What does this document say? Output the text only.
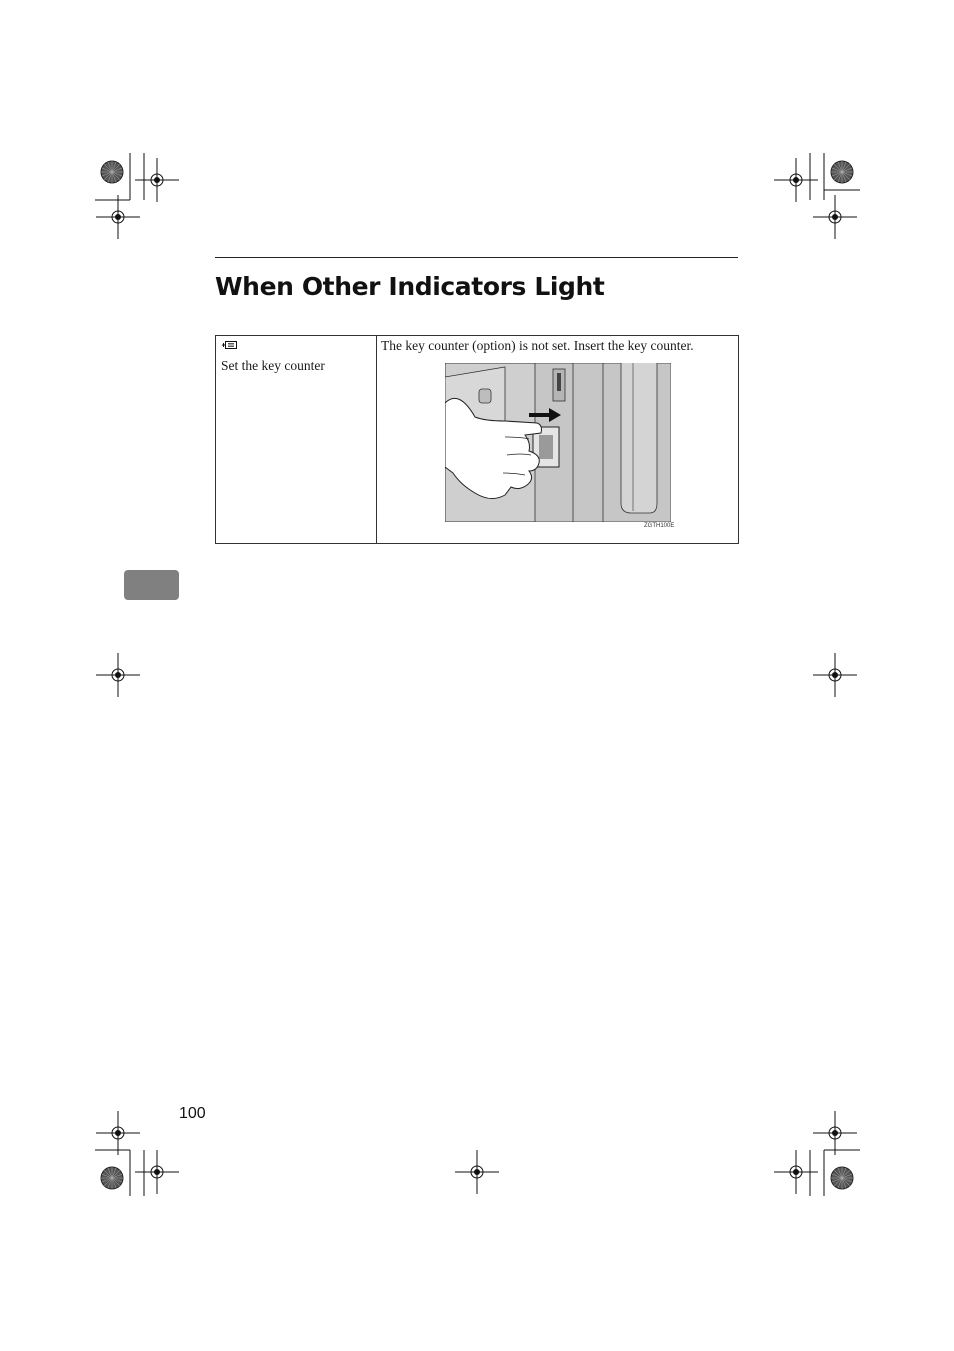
When Other Indicators Light
Set the key counter
The key counter (option) is not set. Insert the key counter.
ZGTH100E
100
